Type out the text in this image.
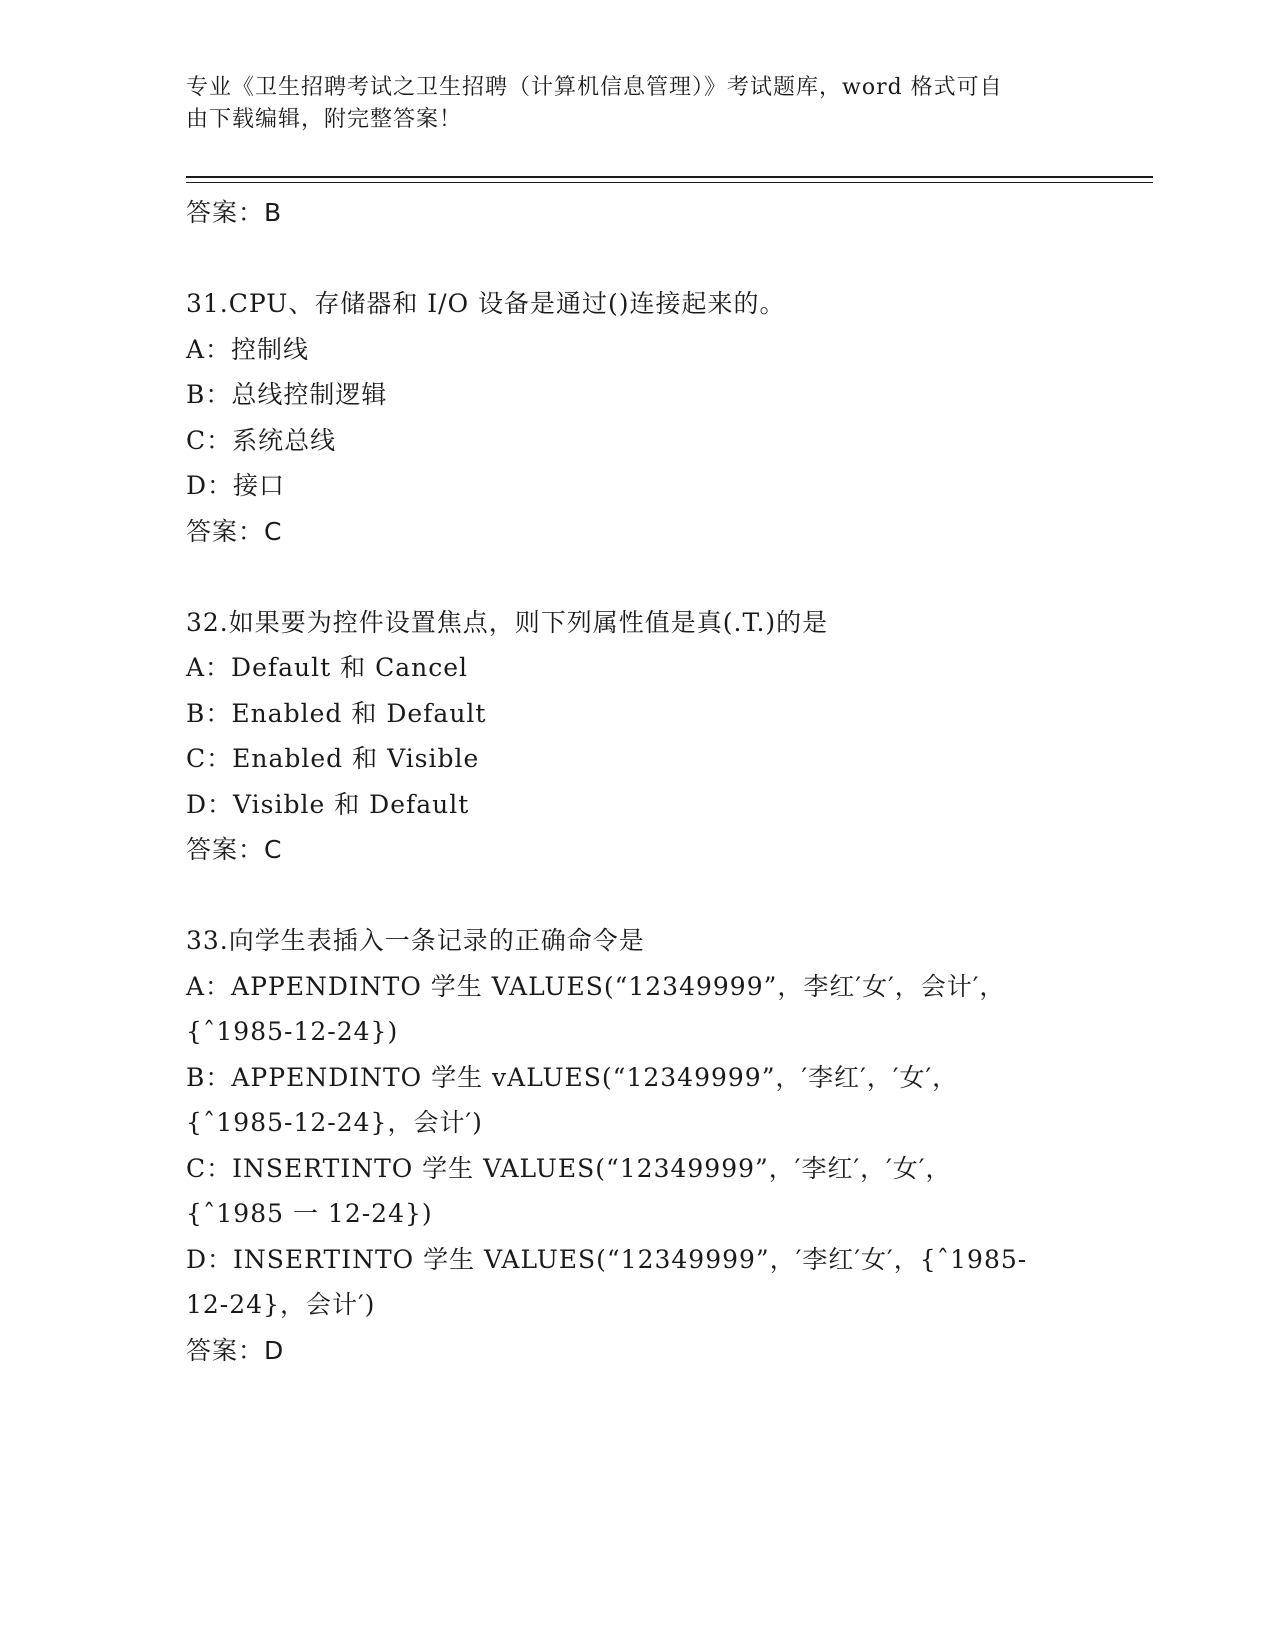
专业《卫生招聘考试之卫生招聘（计算机信息管理）》考试题库，word 格式可自
由下载编辑，附完整答案！
答案：B
31.CPU、存储器和 I/O 设备是通过()连接起来的。
A：控制线
B：总线控制逻辑
C：系统总线
D：接口
答案：C
32.如果要为控件设置焦点，则下列属性值是真(.T.)的是
A：Default 和 Cancel
B：Enabled 和 Default
C：Enabled 和 Visible
D：Visible 和 Default
答案：C
33.向学生表插入一条记录的正确命令是
A：APPENDINTO 学生 VALUES(“12349999”，李红′女′，会计′，
{ˆ1985-12-24})
B：APPENDINTO 学生 vALUES(“12349999”，′李红′，′女′，
{ˆ1985-12-24}，会计′)
C：INSERTINTO 学生 VALUES(“12349999”，′李红′，′女′，
{ˆ1985 一 12-24})
D：INSERTINTO 学生 VALUES(“12349999”，′李红′女′，{ˆ1985-
12-24}，会计′)
答案：D
